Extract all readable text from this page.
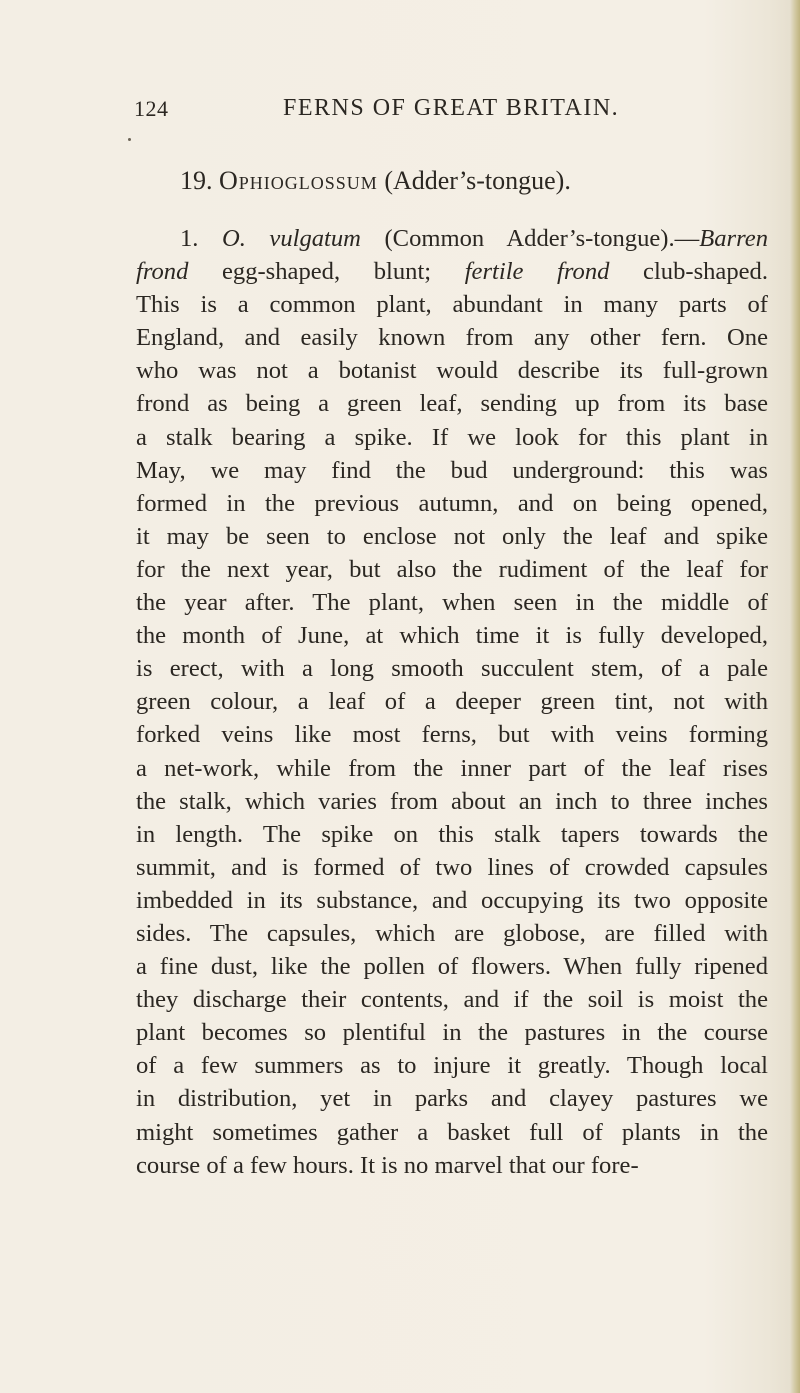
124	FERNS OF GREAT BRITAIN.
19. Ophioglossum (Adder’s-tongue).
1. O. vulgatum (Common Adder’s-tongue).—Barren
frond egg-shaped, blunt; fertile frond club-shaped.
This is a common plant, abundant in many parts of
England, and easily known from any other fern. One
who was not a botanist would describe its full-grown
frond as being a green leaf, sending up from its base
a stalk bearing a spike. If we look for this plant in
May, we may find the bud underground: this was
formed in the previous autumn, and on being opened,
it may be seen to enclose not only the leaf and spike
for the next year, but also the rudiment of the leaf for
the year after. The plant, when seen in the middle of
the month of June, at which time it is fully developed,
is erect, with a long smooth succulent stem, of a pale
green colour, a leaf of a deeper green tint, not with
forked veins like most ferns, but with veins forming
a net-work, while from the inner part of the leaf rises
the stalk, which varies from about an inch to three inches
in length. The spike on this stalk tapers towards the
summit, and is formed of two lines of crowded capsules
imbedded in its substance, and occupying its two opposite
sides. The capsules, which are globose, are filled with
a fine dust, like the pollen of flowers. When fully ripened
they discharge their contents, and if the soil is moist the
plant becomes so plentiful in the pastures in the course
of a few summers as to injure it greatly. Though local
in distribution, yet in parks and clayey pastures we
might sometimes gather a basket full of plants in the
course of a few hours. It is no marvel that our fore-
